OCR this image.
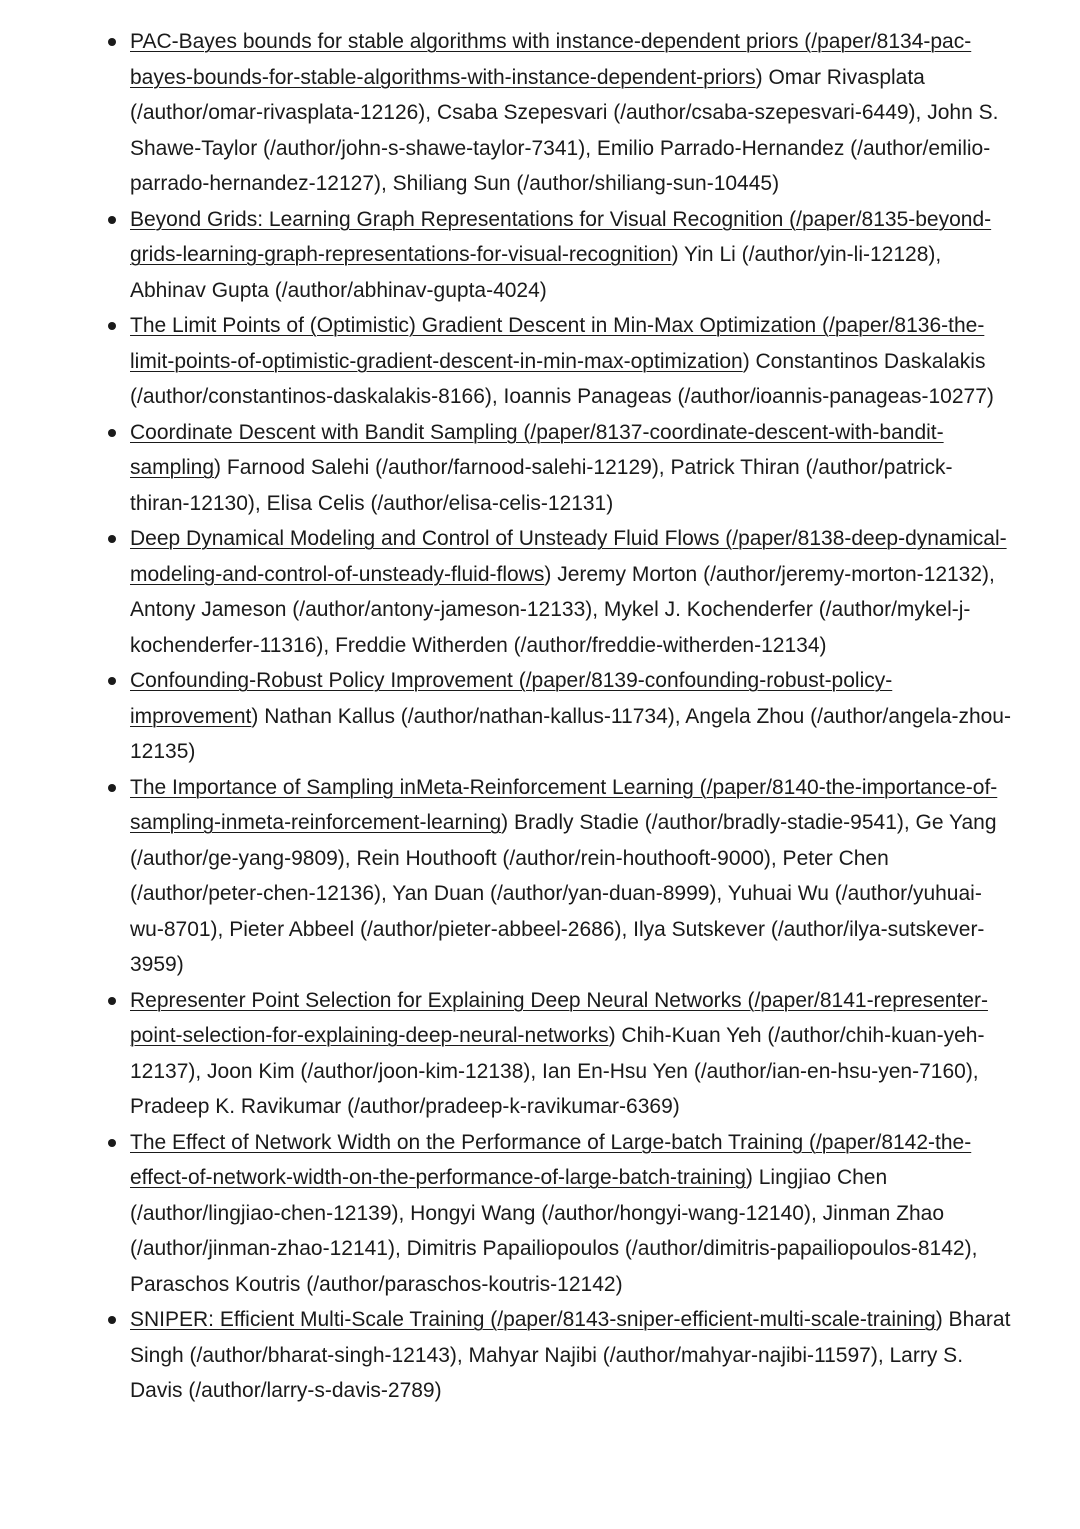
PAC-Bayes bounds for stable algorithms with instance-dependent priors (/paper/8134-pac-bayes-bounds-for-stable-algorithms-with-instance-dependent-priors) Omar Rivasplata (/author/omar-rivasplata-12126), Csaba Szepesvari (/author/csaba-szepesvari-6449), John S. Shawe-Taylor (/author/john-s-shawe-taylor-7341), Emilio Parrado-Hernandez (/author/emilio-parrado-hernandez-12127), Shiliang Sun (/author/shiliang-sun-10445)
Beyond Grids: Learning Graph Representations for Visual Recognition (/paper/8135-beyond-grids-learning-graph-representations-for-visual-recognition) Yin Li (/author/yin-li-12128), Abhinav Gupta (/author/abhinav-gupta-4024)
The Limit Points of (Optimistic) Gradient Descent in Min-Max Optimization (/paper/8136-the-limit-points-of-optimistic-gradient-descent-in-min-max-optimization) Constantinos Daskalakis (/author/constantinos-daskalakis-8166), Ioannis Panageas (/author/ioannis-panageas-10277)
Coordinate Descent with Bandit Sampling (/paper/8137-coordinate-descent-with-bandit-sampling) Farnood Salehi (/author/farnood-salehi-12129), Patrick Thiran (/author/patrick-thiran-12130), Elisa Celis (/author/elisa-celis-12131)
Deep Dynamical Modeling and Control of Unsteady Fluid Flows (/paper/8138-deep-dynamical-modeling-and-control-of-unsteady-fluid-flows) Jeremy Morton (/author/jeremy-morton-12132), Antony Jameson (/author/antony-jameson-12133), Mykel J. Kochenderfer (/author/mykel-j-kochenderfer-11316), Freddie Witherden (/author/freddie-witherden-12134)
Confounding-Robust Policy Improvement (/paper/8139-confounding-robust-policy-improvement) Nathan Kallus (/author/nathan-kallus-11734), Angela Zhou (/author/angela-zhou-12135)
The Importance of Sampling inMeta-Reinforcement Learning (/paper/8140-the-importance-of-sampling-inmeta-reinforcement-learning) Bradly Stadie (/author/bradly-stadie-9541), Ge Yang (/author/ge-yang-9809), Rein Houthooft (/author/rein-houthooft-9000), Peter Chen (/author/peter-chen-12136), Yan Duan (/author/yan-duan-8999), Yuhuai Wu (/author/yuhuai-wu-8701), Pieter Abbeel (/author/pieter-abbeel-2686), Ilya Sutskever (/author/ilya-sutskever-3959)
Representer Point Selection for Explaining Deep Neural Networks (/paper/8141-representer-point-selection-for-explaining-deep-neural-networks) Chih-Kuan Yeh (/author/chih-kuan-yeh-12137), Joon Kim (/author/joon-kim-12138), Ian En-Hsu Yen (/author/ian-en-hsu-yen-7160), Pradeep K. Ravikumar (/author/pradeep-k-ravikumar-6369)
The Effect of Network Width on the Performance of Large-batch Training (/paper/8142-the-effect-of-network-width-on-the-performance-of-large-batch-training) Lingjiao Chen (/author/lingjiao-chen-12139), Hongyi Wang (/author/hongyi-wang-12140), Jinman Zhao (/author/jinman-zhao-12141), Dimitris Papailiopoulos (/author/dimitris-papailiopoulos-8142), Paraschos Koutris (/author/paraschos-koutris-12142)
SNIPER: Efficient Multi-Scale Training (/paper/8143-sniper-efficient-multi-scale-training) Bharat Singh (/author/bharat-singh-12143), Mahyar Najibi (/author/mahyar-najibi-11597), Larry S. Davis (/author/larry-s-davis-2789)
